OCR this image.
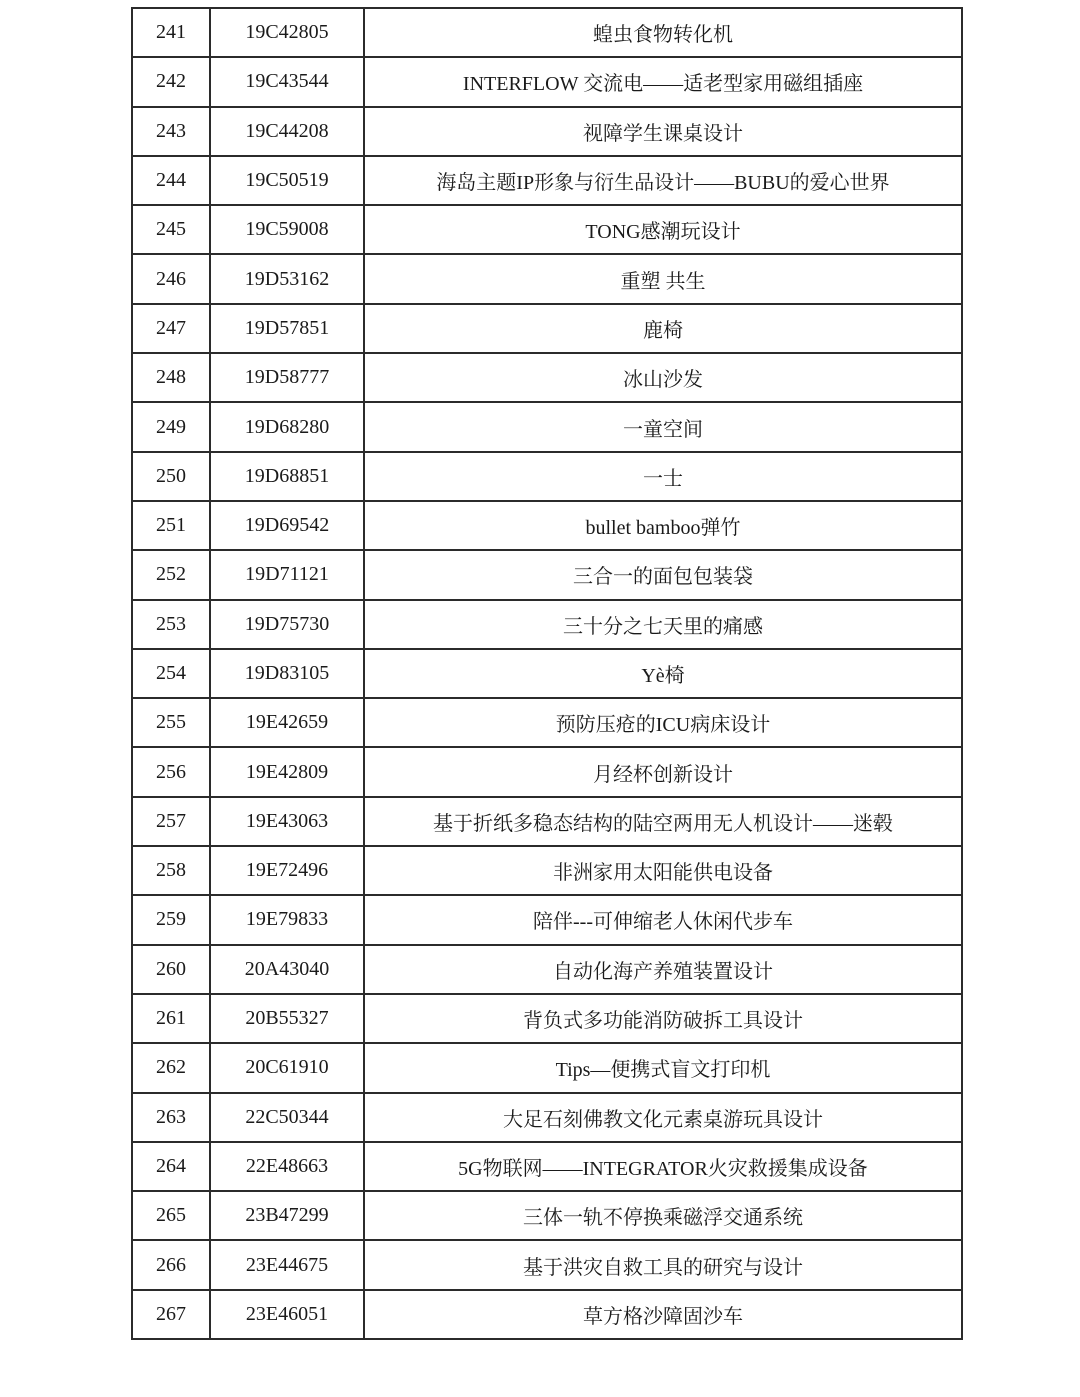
241	19C42805	蝗虫食物转化机
242	19C43544	INTERFLOW 交流电——适老型家用磁组插座
243	19C44208	视障学生课桌设计
244	19C50519	海岛主题IP形象与衍生品设计——BUBU的爱心世界
245	19C59008	TONG感潮玩设计
246	19D53162	重塑 共生
247	19D57851	鹿椅
248	19D58777	冰山沙发
249	19D68280	一童空间
250	19D68851	一士
251	19D69542	bullet bamboo弹竹
252	19D71121	三合一的面包包装袋
253	19D75730	三十分之七天里的痛感
254	19D83105	Yè椅
255	19E42659	预防压疮的ICU病床设计
256	19E42809	月经杯创新设计
257	19E43063	基于折纸多稳态结构的陆空两用无人机设计——迷毂
258	19E72496	非洲家用太阳能供电设备
259	19E79833	陪伴---可伸缩老人休闲代步车
260	20A43040	自动化海产养殖装置设计
261	20B55327	背负式多功能消防破拆工具设计
262	20C61910	Tips—便携式盲文打印机
263	22C50344	大足石刻佛教文化元素桌游玩具设计
264	22E48663	5G物联网——INTEGRATOR火灾救援集成设备
265	23B47299	三体一轨不停换乘磁浮交通系统
266	23E44675	基于洪灾自救工具的研究与设计
267	23E46051	草方格沙障固沙车
